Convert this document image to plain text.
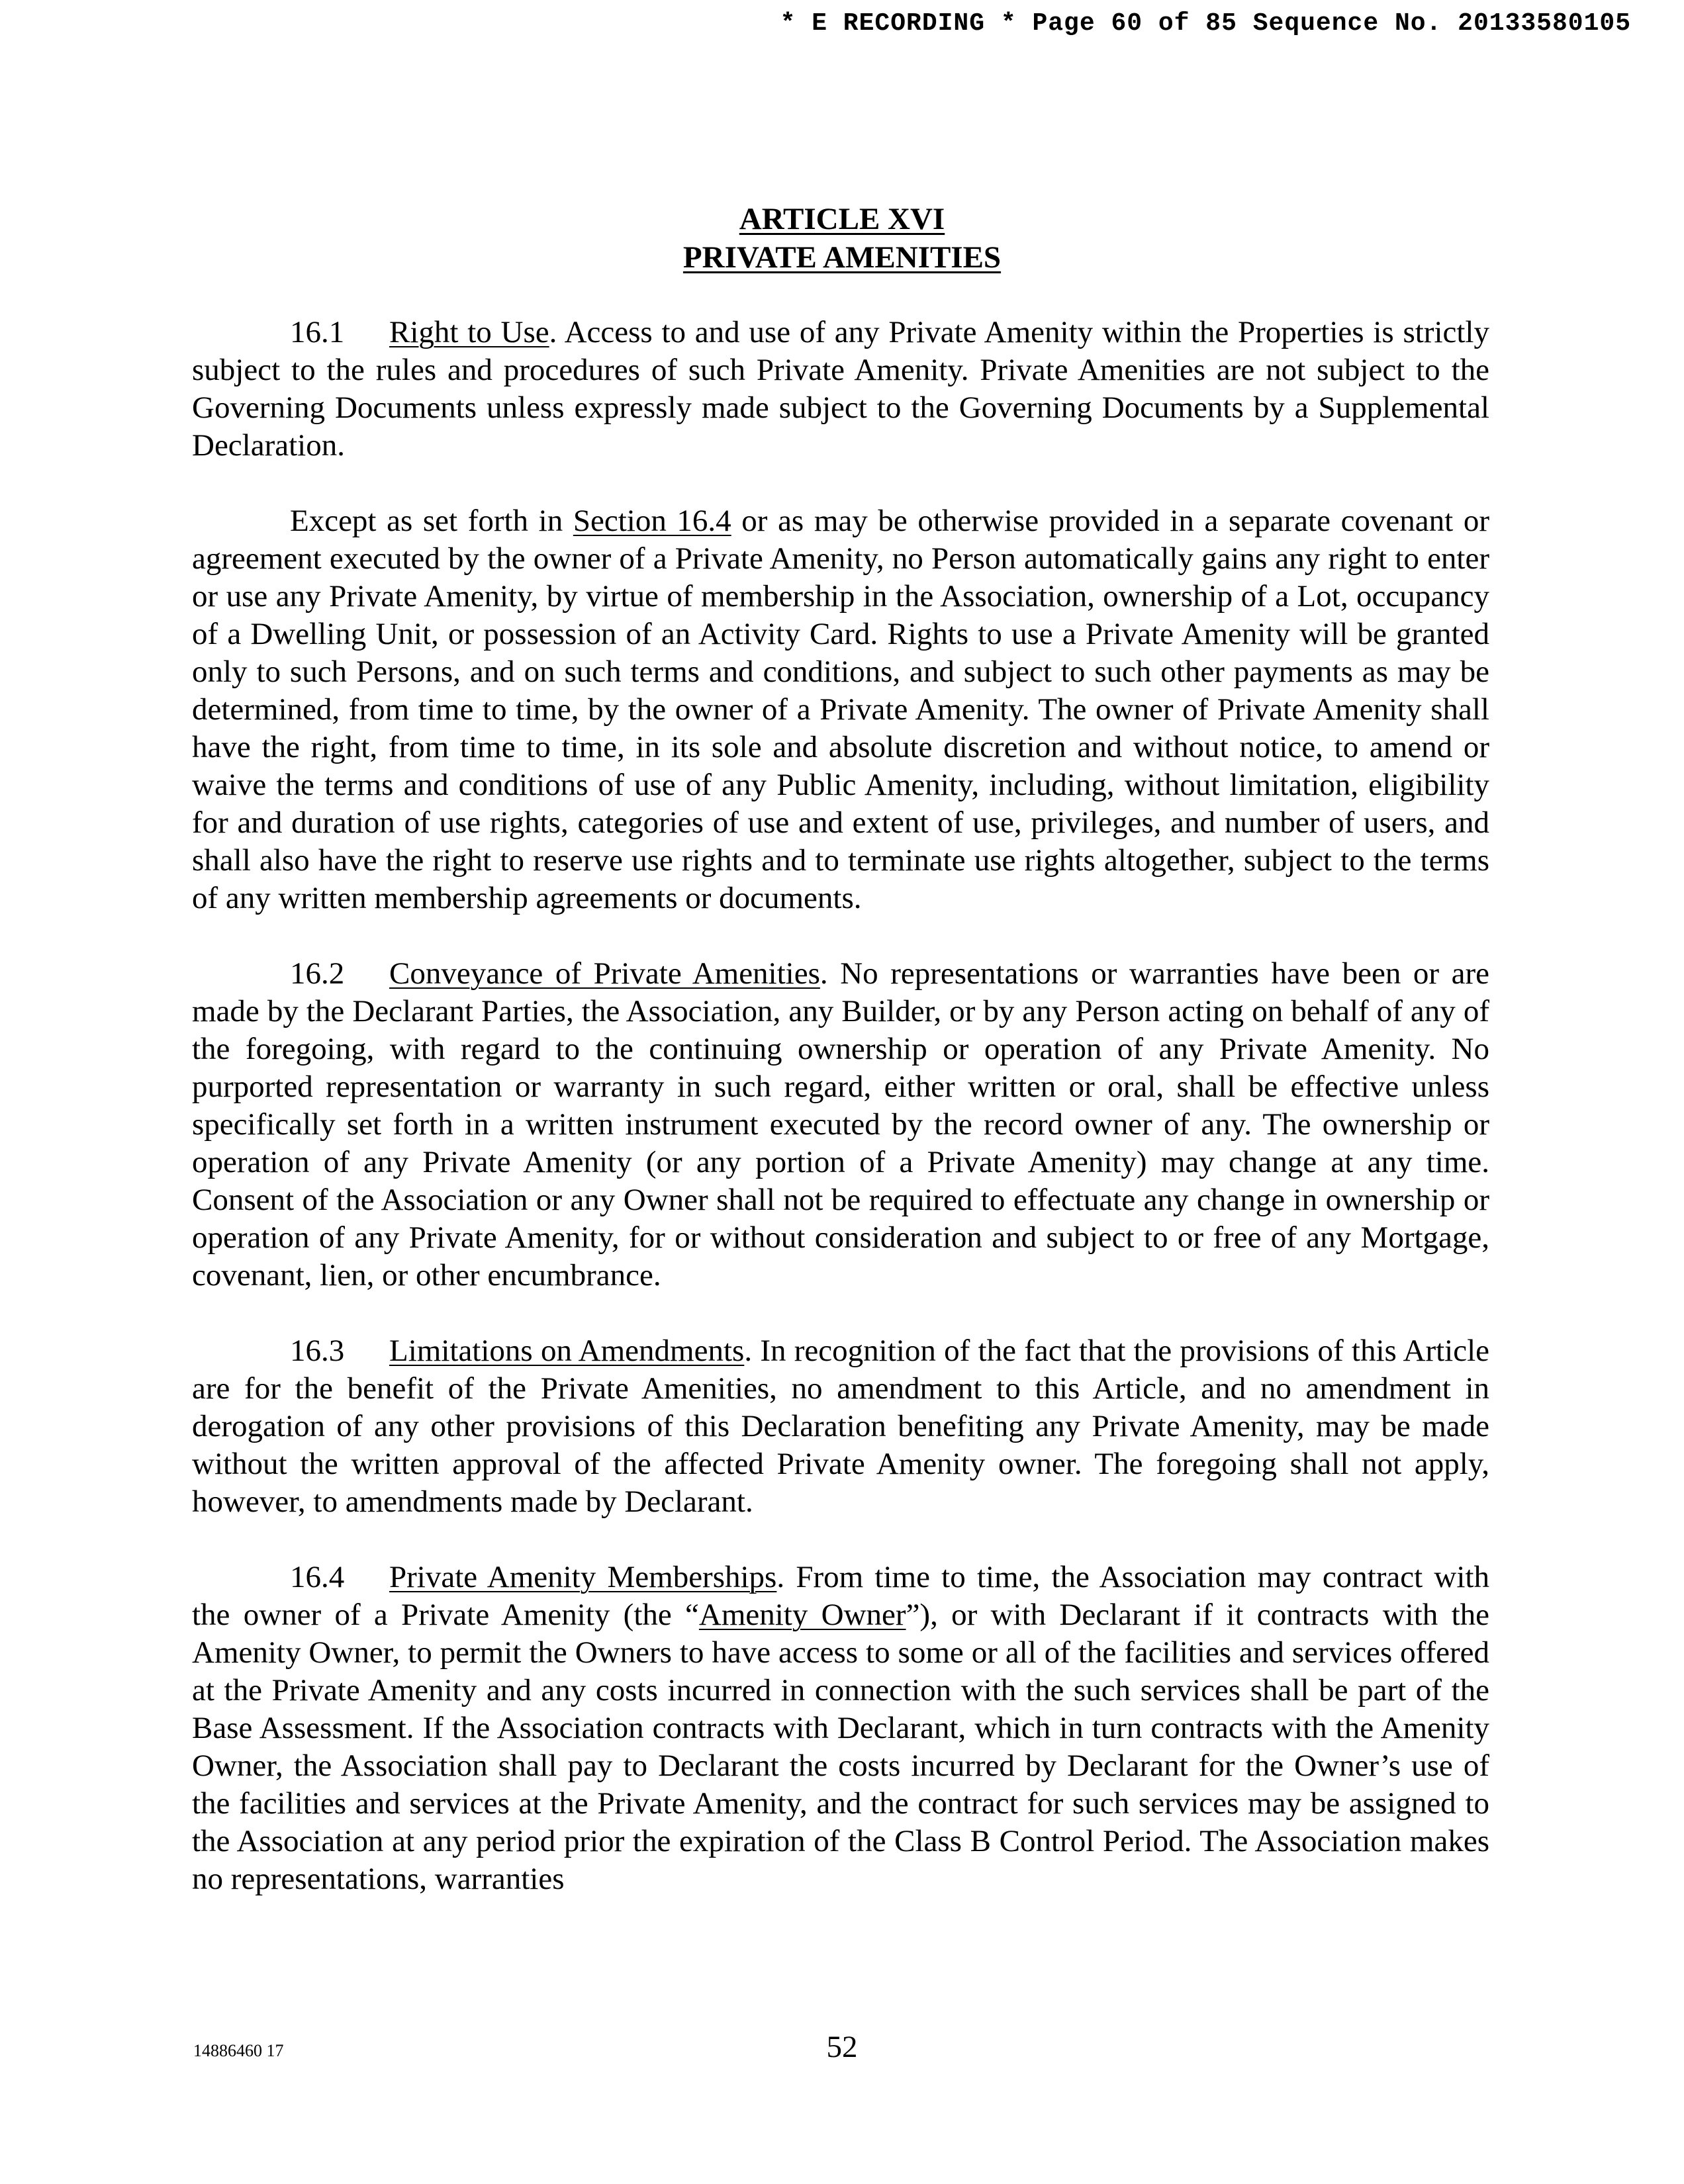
* E RECORDING * Page 60 of 85 Sequence No. 20133580105
ARTICLE XVI
PRIVATE AMENITIES

16.1 Right to Use. Access to and use of any Private Amenity within the Properties is strictly subject to the rules and procedures of such Private Amenity. Private Amenities are not subject to the Governing Documents unless expressly made subject to the Governing Documents by a Supplemental Declaration.

Except as set forth in Section 16.4 or as may be otherwise provided in a separate covenant or agreement executed by the owner of a Private Amenity, no Person automatically gains any right to enter or use any Private Amenity, by virtue of membership in the Association, ownership of a Lot, occupancy of a Dwelling Unit, or possession of an Activity Card. Rights to use a Private Amenity will be granted only to such Persons, and on such terms and conditions, and subject to such other payments as may be determined, from time to time, by the owner of a Private Amenity. The owner of Private Amenity shall have the right, from time to time, in its sole and absolute discretion and without notice, to amend or waive the terms and conditions of use of any Public Amenity, including, without limitation, eligibility for and duration of use rights, categories of use and extent of use, privileges, and number of users, and shall also have the right to reserve use rights and to terminate use rights altogether, subject to the terms of any written membership agreements or documents.

16.2 Conveyance of Private Amenities. No representations or warranties have been or are made by the Declarant Parties, the Association, any Builder, or by any Person acting on behalf of any of the foregoing, with regard to the continuing ownership or operation of any Private Amenity. No purported representation or warranty in such regard, either written or oral, shall be effective unless specifically set forth in a written instrument executed by the record owner of any. The ownership or operation of any Private Amenity (or any portion of a Private Amenity) may change at any time. Consent of the Association or any Owner shall not be required to effectuate any change in ownership or operation of any Private Amenity, for or without consideration and subject to or free of any Mortgage, covenant, lien, or other encumbrance.

16.3 Limitations on Amendments. In recognition of the fact that the provisions of this Article are for the benefit of the Private Amenities, no amendment to this Article, and no amendment in derogation of any other provisions of this Declaration benefiting any Private Amenity, may be made without the written approval of the affected Private Amenity owner. The foregoing shall not apply, however, to amendments made by Declarant.

16.4 Private Amenity Memberships. From time to time, the Association may contract with the owner of a Private Amenity (the “Amenity Owner”), or with Declarant if it contracts with the Amenity Owner, to permit the Owners to have access to some or all of the facilities and services offered at the Private Amenity and any costs incurred in connection with the such services shall be part of the Base Assessment. If the Association contracts with Declarant, which in turn contracts with the Amenity Owner, the Association shall pay to Declarant the costs incurred by Declarant for the Owner’s use of the facilities and services at the Private Amenity, and the contract for such services may be assigned to the Association at any period prior the expiration of the Class B Control Period. The Association makes no representations, warranties

14886460 17	52
